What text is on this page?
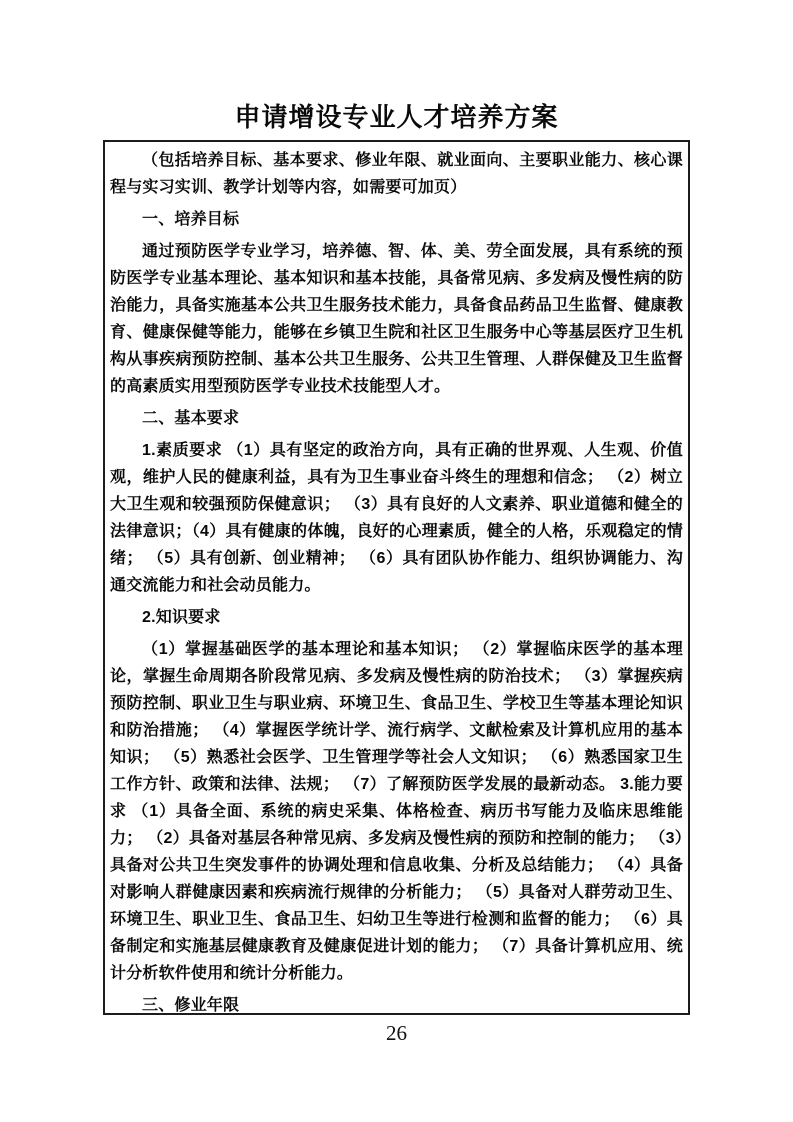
申请增设专业人才培养方案

（包括培养目标、基本要求、修业年限、就业面向、主要职业能力、核心课程与实习实训、教学计划等内容，如需要可加页）

一、培养目标

通过预防医学专业学习，培养德、智、体、美、劳全面发展，具有系统的预防医学专业基本理论、基本知识和基本技能，具备常见病、多发病及慢性病的防治能力，具备实施基本公共卫生服务技术能力，具备食品药品卫生监督、健康教育、健康保健等能力，能够在乡镇卫生院和社区卫生服务中心等基层医疗卫生机构从事疾病预防控制、基本公共卫生服务、公共卫生管理、人群保健及卫生监督的高素质实用型预防医学专业技术技能型人才。

二、基本要求

1.素质要求 （1）具有坚定的政治方向，具有正确的世界观、人生观、价值观，维护人民的健康利益，具有为卫生事业奋斗终生的理想和信念； （2）树立大卫生观和较强预防保健意识； （3）具有良好的人文素养、职业道德和健全的法律意识；（4）具有健康的体魄，良好的心理素质，健全的人格，乐观稳定的情绪； （5）具有创新、创业精神； （6）具有团队协作能力、组织协调能力、沟通交流能力和社会动员能力。

2.知识要求

（1）掌握基础医学的基本理论和基本知识； （2）掌握临床医学的基本理论，掌握生命周期各阶段常见病、多发病及慢性病的防治技术； （3）掌握疾病预防控制、职业卫生与职业病、环境卫生、食品卫生、学校卫生等基本理论知识和防治措施； （4）掌握医学统计学、流行病学、文献检索及计算机应用的基本知识； （5）熟悉社会医学、卫生管理学等社会人文知识； （6）熟悉国家卫生工作方针、政策和法律、法规； （7）了解预防医学发展的最新动态。 3.能力要求 （1）具备全面、系统的病史采集、体格检查、病历书写能力及临床思维能力； （2）具备对基层各种常见病、多发病及慢性病的预防和控制的能力； （3）具备对公共卫生突发事件的协调处理和信息收集、分析及总结能力； （4）具备对影响人群健康因素和疾病流行规律的分析能力； （5）具备对人群劳动卫生、环境卫生、职业卫生、食品卫生、妇幼卫生等进行检测和监督的能力； （6）具备制定和实施基层健康教育及健康促进计划的能力； （7）具备计算机应用、统计分析软件使用和统计分析能力。

三、修业年限

26
